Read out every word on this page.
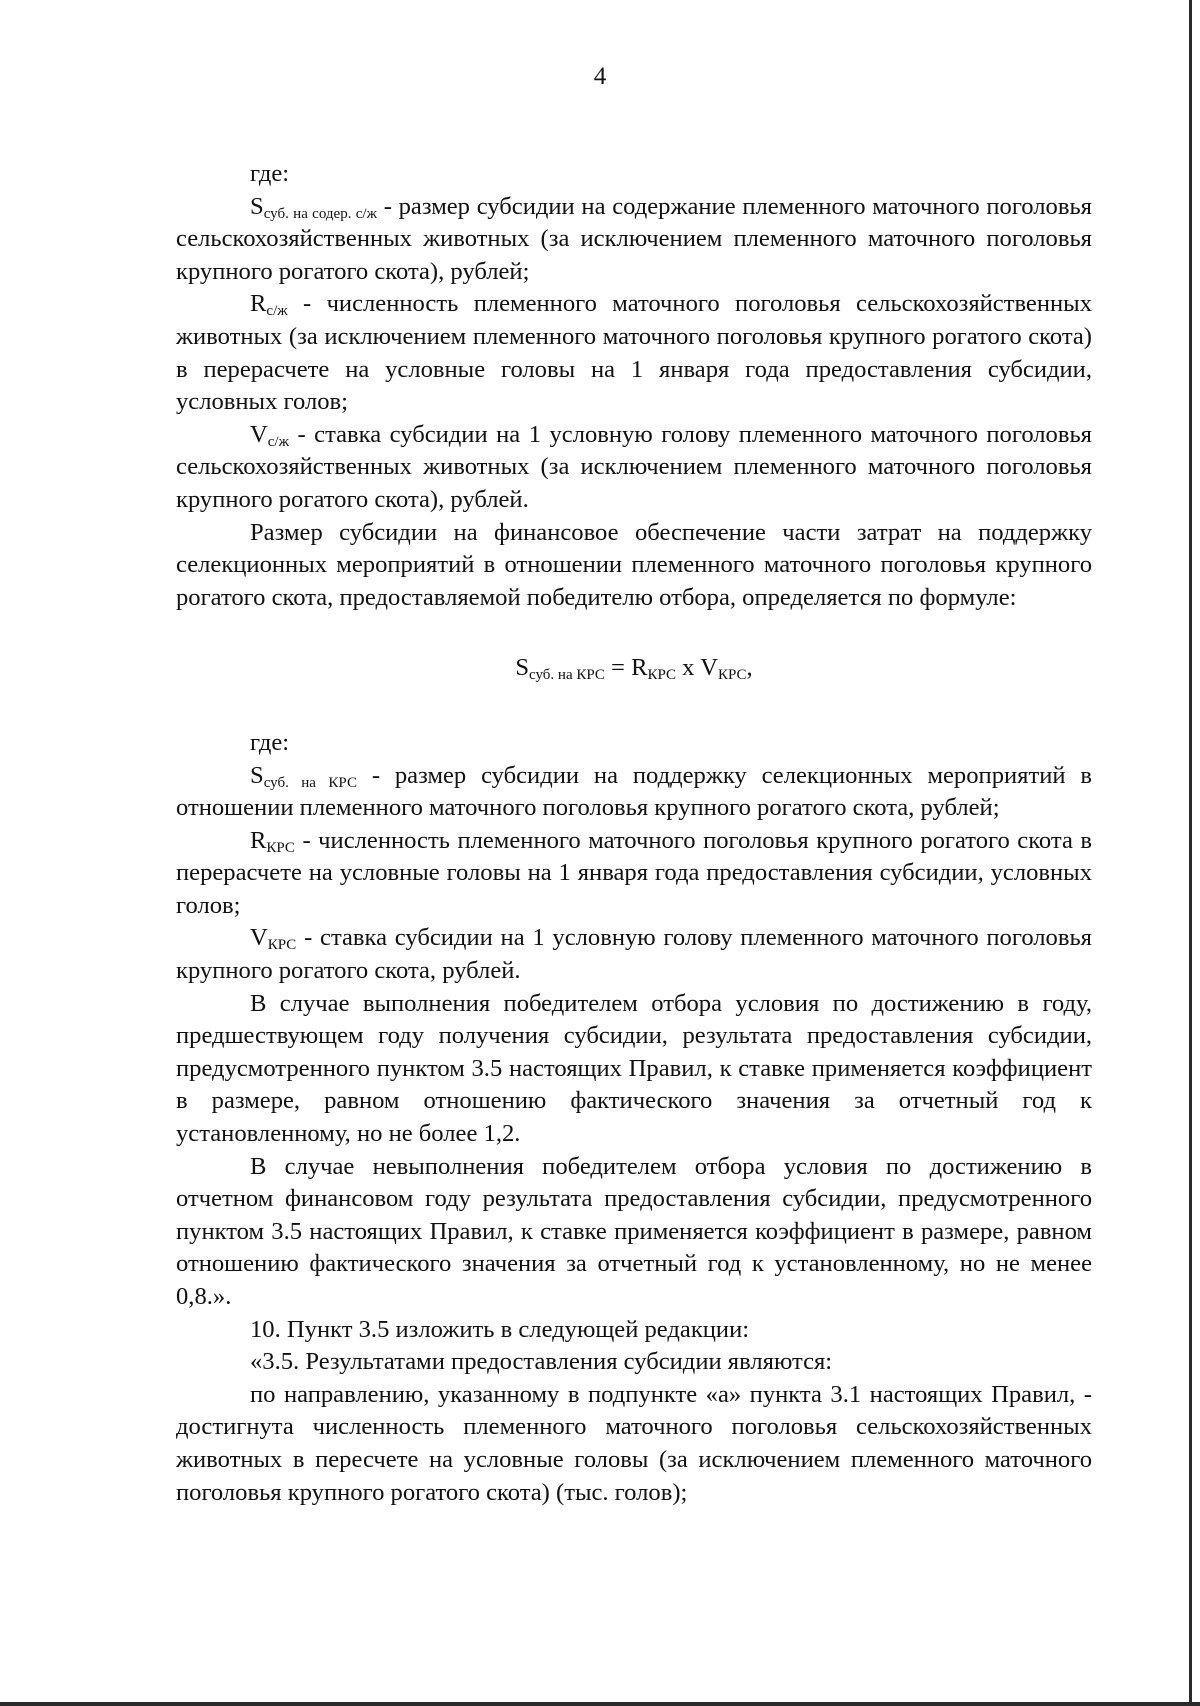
4

где:

$S_{суб. на содер. с/ж}$ - размер субсидии на содержание племенного маточного поголовья сельскохозяйственных животных (за исключением племенного маточного поголовья крупного рогатого скота), рублей;

$R_{с/ж}$ - численность племенного маточного поголовья сельскохозяйственных животных (за исключением племенного маточного поголовья крупного рогатого скота) в перерасчете на условные головы на 1 января года предоставления субсидии, условных голов;

$V_{с/ж}$ - ставка субсидии на 1 условную голову племенного маточного поголовья сельскохозяйственных животных (за исключением племенного маточного поголовья крупного рогатого скота), рублей.

Размер субсидии на финансовое обеспечение части затрат на поддержку селекционных мероприятий в отношении племенного маточного поголовья крупного рогатого скота, предоставляемой победителю отбора, определяется по формуле:

$S_{суб. на КРС} = R_{КРС}$ x $V_{КРС}$,

где:

$S_{суб. на КРС}$ - размер субсидии на поддержку селекционных мероприятий в отношении племенного маточного поголовья крупного рогатого скота, рублей;

$R_{КРС}$ - численность племенного маточного поголовья крупного рогатого скота в перерасчете на условные головы на 1 января года предоставления субсидии, условных голов;

$V_{КРС}$ - ставка субсидии на 1 условную голову племенного маточного поголовья крупного рогатого скота, рублей.

В случае выполнения победителем отбора условия по достижению в году, предшествующем году получения субсидии, результата предоставления субсидии, предусмотренного пунктом 3.5 настоящих Правил, к ставке применяется коэффициент в размере, равном отношению фактического значения за отчетный год к установленному, но не более 1,2.

В случае невыполнения победителем отбора условия по достижению в отчетном финансовом году результата предоставления субсидии, предусмотренного пунктом 3.5 настоящих Правил, к ставке применяется коэффициент в размере, равном отношению фактического значения за отчетный год к установленному, но не менее 0,8.».

10. Пункт 3.5 изложить в следующей редакции:

«3.5. Результатами предоставления субсидии являются:

по направлению, указанному в подпункте «а» пункта 3.1 настоящих Правил, - достигнута численность племенного маточного поголовья сельскохозяйственных животных в пересчете на условные головы (за исключением племенного маточного поголовья крупного рогатого скота) (тыс. голов);
